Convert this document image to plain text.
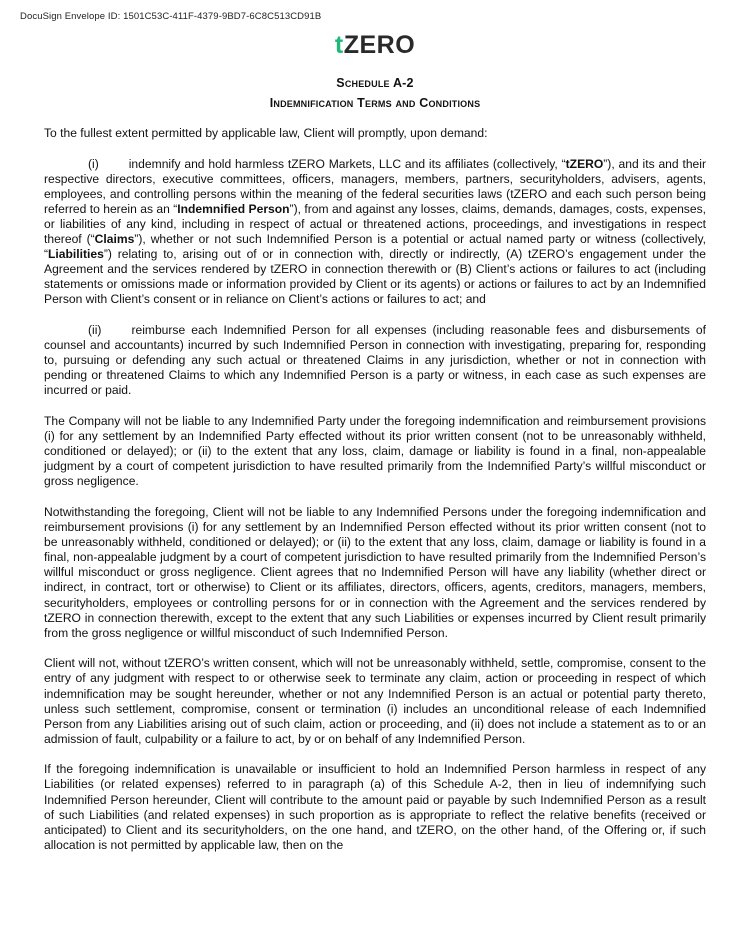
DocuSign Envelope ID: 1501C53C-411F-4379-9BD7-6C8C513CD91B
tZERO
Schedule A-2
Indemnification Terms and Conditions

To the fullest extent permitted by applicable law, Client will promptly, upon demand:

(i) indemnify and hold harmless tZERO Markets, LLC and its affiliates (collectively, “tZERO”), and its and their respective directors, executive committees, officers, managers, members, partners, securityholders, advisers, agents, employees, and controlling persons within the meaning of the federal securities laws (tZERO and each such person being referred to herein as an “Indemnified Person”), from and against any losses, claims, demands, damages, costs, expenses, or liabilities of any kind, including in respect of actual or threatened actions, proceedings, and investigations in respect thereof (“Claims”), whether or not such Indemnified Person is a potential or actual named party or witness (collectively, “Liabilities”) relating to, arising out of or in connection with, directly or indirectly, (A) tZERO’s engagement under the Agreement and the services rendered by tZERO in connection therewith or (B) Client’s actions or failures to act (including statements or omissions made or information provided by Client or its agents) or actions or failures to act by an Indemnified Person with Client’s consent or in reliance on Client’s actions or failures to act; and

(ii) reimburse each Indemnified Person for all expenses (including reasonable fees and disbursements of counsel and accountants) incurred by such Indemnified Person in connection with investigating, preparing for, responding to, pursuing or defending any such actual or threatened Claims in any jurisdiction, whether or not in connection with pending or threatened Claims to which any Indemnified Person is a party or witness, in each case as such expenses are incurred or paid.

The Company will not be liable to any Indemnified Party under the foregoing indemnification and reimbursement provisions (i) for any settlement by an Indemnified Party effected without its prior written consent (not to be unreasonably withheld, conditioned or delayed); or (ii) to the extent that any loss, claim, damage or liability is found in a final, non-appealable judgment by a court of competent jurisdiction to have resulted primarily from the Indemnified Party’s willful misconduct or gross negligence.

Notwithstanding the foregoing, Client will not be liable to any Indemnified Persons under the foregoing indemnification and reimbursement provisions (i) for any settlement by an Indemnified Person effected without its prior written consent (not to be unreasonably withheld, conditioned or delayed); or (ii) to the extent that any loss, claim, damage or liability is found in a final, non-appealable judgment by a court of competent jurisdiction to have resulted primarily from the Indemnified Person’s willful misconduct or gross negligence. Client agrees that no Indemnified Person will have any liability (whether direct or indirect, in contract, tort or otherwise) to Client or its affiliates, directors, officers, agents, creditors, managers, members, securityholders, employees or controlling persons for or in connection with the Agreement and the services rendered by tZERO in connection therewith, except to the extent that any such Liabilities or expenses incurred by Client result primarily from the gross negligence or willful misconduct of such Indemnified Person.

Client will not, without tZERO’s written consent, which will not be unreasonably withheld, settle, compromise, consent to the entry of any judgment with respect to or otherwise seek to terminate any claim, action or proceeding in respect of which indemnification may be sought hereunder, whether or not any Indemnified Person is an actual or potential party thereto, unless such settlement, compromise, consent or termination (i) includes an unconditional release of each Indemnified Person from any Liabilities arising out of such claim, action or proceeding, and (ii) does not include a statement as to or an admission of fault, culpability or a failure to act, by or on behalf of any Indemnified Person.

If the foregoing indemnification is unavailable or insufficient to hold an Indemnified Person harmless in respect of any Liabilities (or related expenses) referred to in paragraph (a) of this Schedule A-2, then in lieu of indemnifying such Indemnified Person hereunder, Client will contribute to the amount paid or payable by such Indemnified Person as a result of such Liabilities (and related expenses) in such proportion as is appropriate to reflect the relative benefits (received or anticipated) to Client and its securityholders, on the one hand, and tZERO, on the other hand, of the Offering or, if such allocation is not permitted by applicable law, then on the
